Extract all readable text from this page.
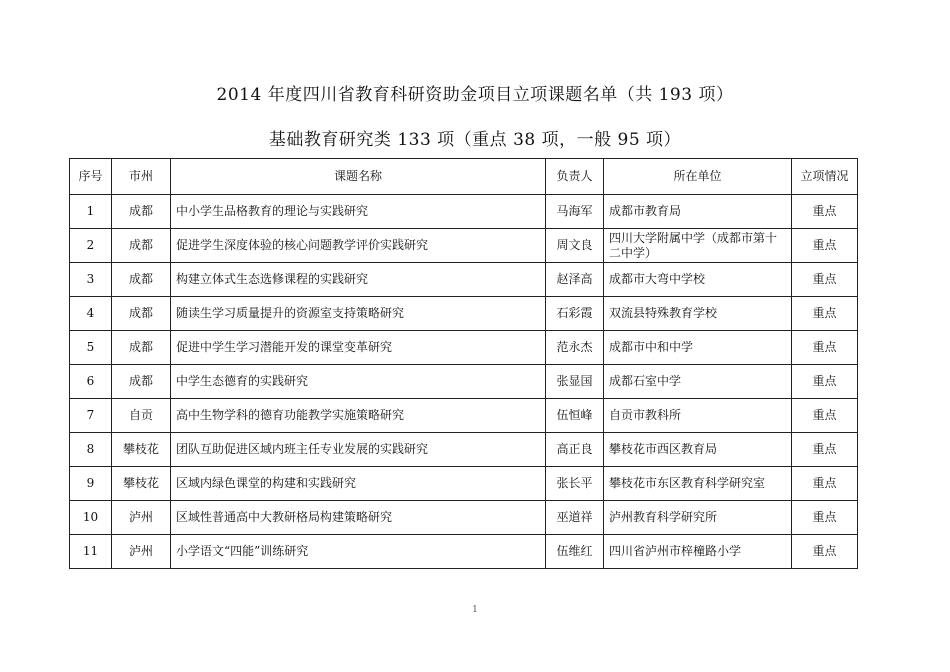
2014 年度四川省教育科研资助金项目立项课题名单（共 193 项）
基础教育研究类 133 项（重点 38 项，一般 95 项）
序号	市州	课题名称	负责人	所在单位	立项情况
1	成都	中小学生品格教育的理论与实践研究	马海军	成都市教育局	重点
2	成都	促进学生深度体验的核心问题教学评价实践研究	周文良	四川大学附属中学（成都市第十二中学）	重点
3	成都	构建立体式生态选修课程的实践研究	赵泽高	成都市大弯中学校	重点
4	成都	随读生学习质量提升的资源室支持策略研究	石彩霞	双流县特殊教育学校	重点
5	成都	促进中学生学习潜能开发的课堂变革研究	范永杰	成都市中和中学	重点
6	成都	中学生态德育的实践研究	张显国	成都石室中学	重点
7	自贡	高中生物学科的德育功能教学实施策略研究	伍恒峰	自贡市教科所	重点
8	攀枝花	团队互助促进区域内班主任专业发展的实践研究	高正良	攀枝花市西区教育局	重点
9	攀枝花	区域内绿色课堂的构建和实践研究	张长平	攀枝花市东区教育科学研究室	重点
10	泸州	区域性普通高中大教研格局构建策略研究	巫道祥	泸州教育科学研究所	重点
11	泸州	小学语文“四能”训练研究	伍维红	四川省泸州市梓橦路小学	重点
1
